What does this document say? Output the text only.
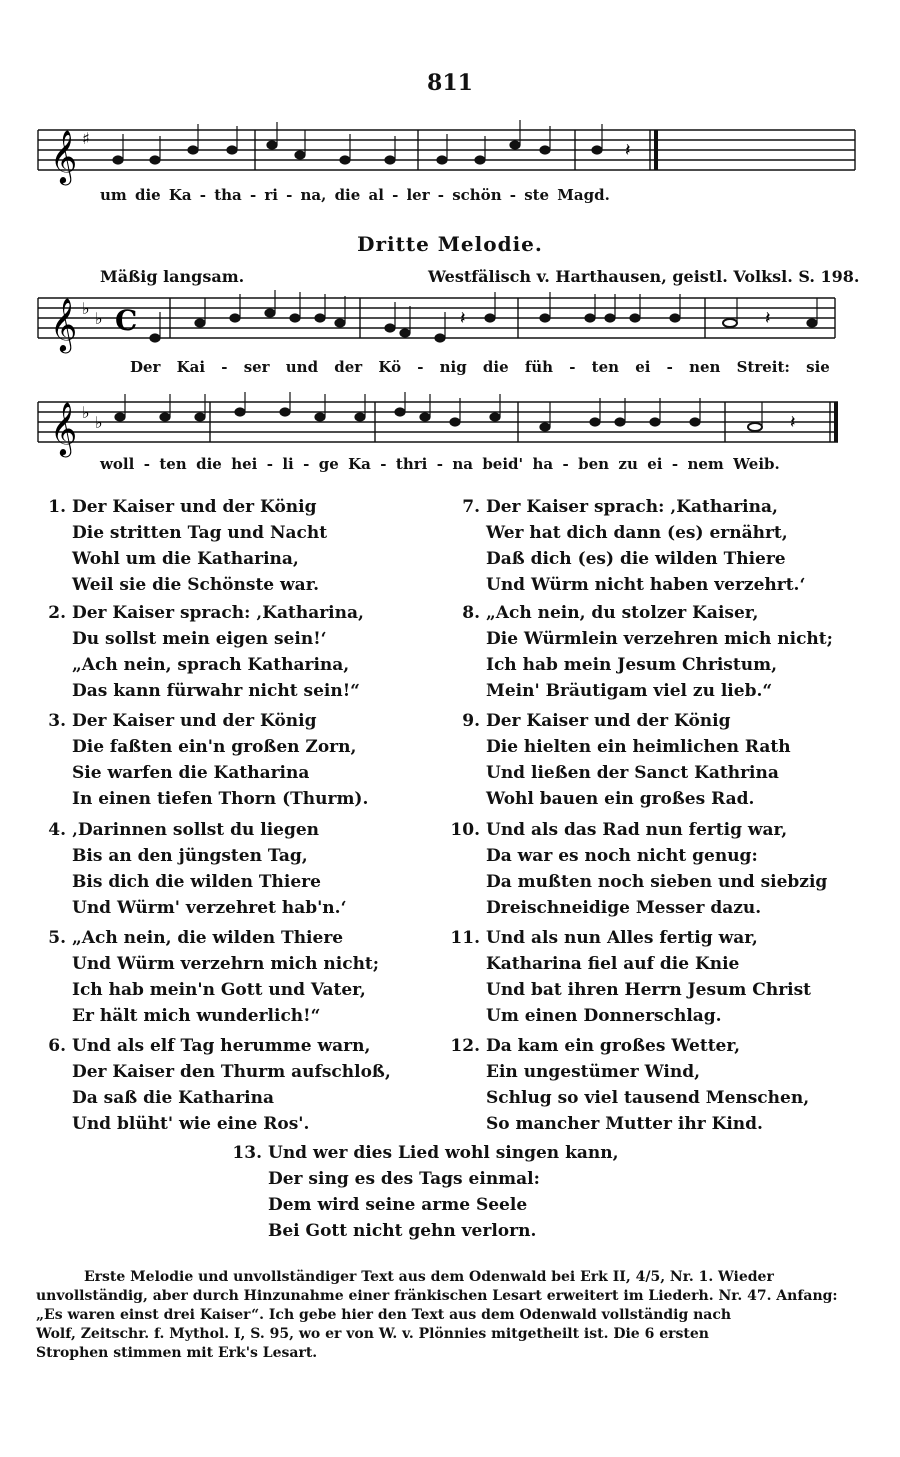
811
𝄞 ♯
𝄽
um die Ka - tha - ri - na, die al - ler - schön - ste Magd.
Dritte Melodie.
Mäßig langsam.	Westfälisch v. Harthausen, geistl. Volksl. S. 198.
𝄞 ♭
♭ C	𝄽	𝄽
Der Kai - ser und der Kö - nig die füh - ten ei - nen Streit: sie
𝄞 ♭
♭	𝄽
woll - ten die hei - li - ge Ka - thri - na beid' ha - ben zu ei - nem Weib.
1. Der Kaiser und der König
Die stritten Tag und Nacht
Wohl um die Katharina,
Weil sie die Schönste war.
2. Der Kaiser sprach: ‚Katharina,
Du sollst mein eigen sein!‘
„Ach nein, sprach Katharina,
Das kann fürwahr nicht sein!“
3. Der Kaiser und der König
Die faßten ein'n großen Zorn,
Sie warfen die Katharina
In einen tiefen Thorn (Thurm).
4. ‚Darinnen sollst du liegen
Bis an den jüngsten Tag,
Bis dich die wilden Thiere
Und Würm' verzehret hab'n.‘
5. „Ach nein, die wilden Thiere
Und Würm verzehrn mich nicht;
Ich hab mein'n Gott und Vater,
Er hält mich wunderlich!“
6. Und als elf Tag herumme warn,
Der Kaiser den Thurm aufschloß,
Da saß die Katharina
Und blüht' wie eine Ros'.
7. Der Kaiser sprach: ‚Katharina,
Wer hat dich dann (es) ernährt,
Daß dich (es) die wilden Thiere
Und Würm nicht haben verzehrt.‘
8. „Ach nein, du stolzer Kaiser,
Die Würmlein verzehren mich nicht;
Ich hab mein Jesum Christum,
Mein' Bräutigam viel zu lieb.“
9. Der Kaiser und der König
Die hielten ein heimlichen Rath
Und ließen der Sanct Kathrina
Wohl bauen ein großes Rad.
10. Und als das Rad nun fertig war,
Da war es noch nicht genug:
Da mußten noch sieben und siebzig
Dreischneidige Messer dazu.
11. Und als nun Alles fertig war,
Katharina fiel auf die Knie
Und bat ihren Herrn Jesum Christ
Um einen Donnerschlag.
12. Da kam ein großes Wetter,
Ein ungestümer Wind,
Schlug so viel tausend Menschen,
So mancher Mutter ihr Kind.
13. Und wer dies Lied wohl singen kann,
Der sing es des Tags einmal:
Dem wird seine arme Seele
Bei Gott nicht gehn verlorn.
Erste Melodie und unvollständiger Text aus dem Odenwald bei Erk II, 4/5, Nr. 1. Wieder
unvollständig, aber durch Hinzunahme einer fränkischen Lesart erweitert im Liederh. Nr. 47. Anfang:
„Es waren einst drei Kaiser“. Ich gebe hier den Text aus dem Odenwald vollständig nach
Wolf, Zeitschr. f. Mythol. I, S. 95, wo er von W. v. Plönnies mitgetheilt ist. Die 6 ersten
Strophen stimmen mit Erk's Lesart.
